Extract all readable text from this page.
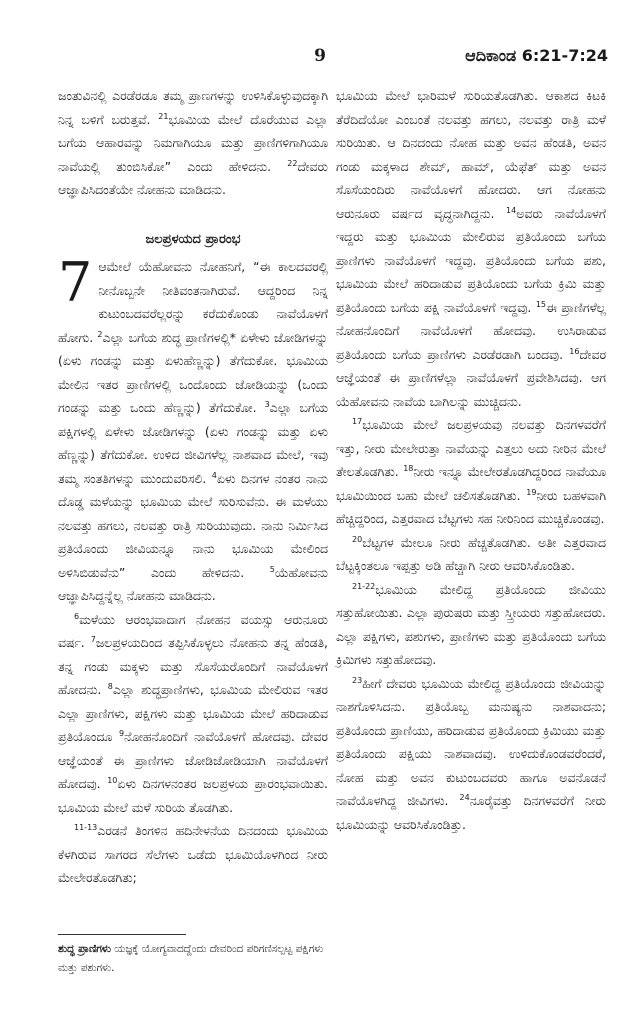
9	ಆದಿಕಾಂಡ 6:21-7:24

ಜಂತುವಿನಲ್ಲಿ ಎರಡೆರಡೂ ತಮ್ಮ ಪ್ರಾಣಗಳನ್ನು ಉಳಿಸಿಕೊಳ್ಳುವುದಕ್ಕಾಗಿ ನಿನ್ನ ಬಳಿಗೆ ಬರುತ್ತವೆ. $^{21}$ಭೂಮಿಯ ಮೇಲೆ ದೊರೆಯುವ ಎಲ್ಲಾ ಬಗೆಯ ಆಹಾರವನ್ನು ನಿಮಗಾಗಿಯೂ ಮತ್ತು ಪ್ರಾಣಿಗಳಿಗಾಗಿಯೂ ನಾವೆಯಲ್ಲಿ ತುಂಬಿಸಿಕೋ” ಎಂದು ಹೇಳಿದನು. $^{22}$ದೇವರು ಆಜ್ಞಾಪಿಸಿದಂತೆಯೇ ನೋಹನು ಮಾಡಿದನು.

ಜಲಪ್ರಳಯದ ಪ್ರಾರಂಭ

7 ಆಮೇಲೆ ಯೆಹೋವನು ನೋಹನಿಗೆ, “ಈ ಕಾಲದವರಲ್ಲಿ ನೀನೊಬ್ಬನೇ ನೀತಿವಂತನಾಗಿರುವೆ. ಆದ್ದರಿಂದ ನಿನ್ನ ಕುಟುಂಬದವರೆಲ್ಲರನ್ನು ಕರೆದುಕೊಂಡು ನಾವೆಯೊಳಗೆ ಹೋಗು. $^2$ಎಲ್ಲಾ ಬಗೆಯ ಶುದ್ಧ ಪ್ರಾಣಿಗಳಲ್ಲಿ* ಏಳೇಳು ಜೋಡಿಗಳನ್ನು (ಏಳು ಗಂಡನ್ನು ಮತ್ತು ಏಳುಹೆಣ್ಣನ್ನು) ತೆಗೆದುಕೋ. ಭೂಮಿಯ ಮೇಲಿನ ಇತರ ಪ್ರಾಣಿಗಳಲ್ಲಿ ಒಂದೊಂದು ಜೋಡಿಯನ್ನು (ಒಂದು ಗಂಡನ್ನು ಮತ್ತು ಒಂದು ಹೆಣ್ಣನ್ನು) ತೆಗೆದುಕೋ. $^3$ಎಲ್ಲಾ ಬಗೆಯ ಪಕ್ಷಿಗಳಲ್ಲಿ ಏಳೇಳು ಜೋಡಿಗಳನ್ನು (ಏಳು ಗಂಡನ್ನು ಮತ್ತು ಏಳು ಹೆಣ್ಣನ್ನು) ತೆಗೆದುಕೋ. ಉಳಿದ ಜೀವಿಗಳೆಲ್ಲ ನಾಶವಾದ ಮೇಲೆ, ಇವು ತಮ್ಮ ಸಂತತಿಗಳನ್ನು ಮುಂದುವರಿಸಲಿ. $^4$ಏಳು ದಿನಗಳ ನಂತರ ನಾನು ದೊಡ್ಡ ಮಳೆಯನ್ನು ಭೂಮಿಯ ಮೇಲೆ ಸುರಿಸುವೆನು. ಈ ಮಳೆಯು ನಲವತ್ತು ಹಗಲು, ನಲವತ್ತು ರಾತ್ರಿ ಸುರಿಯುವುದು. ನಾನು ನಿರ್ಮಿಸಿದ ಪ್ರತಿಯೊಂದು ಜೀವಿಯನ್ನೂ ನಾನು ಭೂಮಿಯ ಮೇಲಿಂದ ಅಳಿಸಿಬಿಡುವೆನು” ಎಂದು ಹೇಳಿದನು.	$^5$ಯೆಹೋವನು ಆಜ್ಞಾಪಿಸಿದ್ದನ್ನೆಲ್ಲ ನೋಹನು ಮಾಡಿದನು.

$^6$ಮಳೆಯು ಆರಂಭವಾದಾಗ ನೋಹನ ವಯಸ್ಸು ಆರುನೂರು ವರ್ಷ. $^7$ಜಲಪ್ರಳಯದಿಂದ ತಪ್ಪಿಸಿಕೊಳ್ಳಲು ನೋಹನು ತನ್ನ ಹೆಂಡತಿ, ತನ್ನ ಗಂಡು ಮಕ್ಕಳು ಮತ್ತು ಸೊಸೆಯರೊಂದಿಗೆ ನಾವೆಯೊಳಗೆ ಹೋದನು. $^8$ಎಲ್ಲಾ ಶುದ್ಧಪ್ರಾಣಿಗಳು, ಭೂಮಿಯ ಮೇಲಿರುವ ಇತರ ಎಲ್ಲಾ ಪ್ರಾಣಿಗಳು, ಪಕ್ಷಿಗಳು ಮತ್ತು ಭೂಮಿಯ ಮೇಲೆ ಹರಿದಾಡುವ ಪ್ರತಿಯೊಂದೂ $^9$ನೋಹನೊಂದಿಗೆ ನಾವೆಯೊಳಗೆ ಹೋದವು. ದೇವರ ಆಜ್ಞೆಯಂತೆ ಈ ಪ್ರಾಣಿಗಳು ಜೋಡಿಜೋಡಿಯಾಗಿ ನಾವೆಯೊಳಗೆ ಹೋದವು. $^{10}$ಏಳು ದಿನಗಳನಂತರ ಜಲಪ್ರಳಯ ಪ್ರಾರಂಭವಾಯಿತು. ಭೂಮಿಯ ಮೇಲೆ ಮಳೆ ಸುರಿಯ ತೊಡಗಿತು.

$^{11-13}$ಎರಡನೆ ತಿಂಗಳಿನ ಹದಿನೇಳನೆಯ ದಿನದಂದು ಭೂಮಿಯ ಕೆಳಗಿರುವ ಸಾಗರದ ಸೆಲೆಗಳು ಒಡೆದು ಭೂಮಿಯೊಳಗಿಂದ ನೀರು ಮೇಲೇರತೊಡಗಿತು;

ಭೂಮಿಯ ಮೇಲೆ ಭಾರಿಮಳೆ ಸುರಿಯತೊಡಗಿತು. ಆಕಾಶದ ಕಿಟಕಿ ತೆರೆದಿದೆಯೋ ಎಂಬಂತೆ ನಲವತ್ತು ಹಗಲು, ನಲವತ್ತು ರಾತ್ರಿ ಮಳೆ ಸುರಿಯಿತು. ಆ ದಿನದಂದು ನೋಹ ಮತ್ತು ಅವನ ಹೆಂಡತಿ, ಅವನ ಗಂಡು ಮಕ್ಕಳಾದ ಶೇಮ್, ಹಾಮ್, ಯೆಫೆತ್ ಮತ್ತು ಅವನ ಸೊಸೆಯಂದಿರು ನಾವೆಯೊಳಗೆ ಹೋದರು. ಆಗ ನೋಹನು ಆರುನೂರು ವರ್ಷದ ವೃದ್ಧನಾಗಿದ್ದನು. $^{14}$ಅವರು ನಾವೆಯೊಳಗೆ ಇದ್ದರು ಮತ್ತು ಭೂಮಿಯ ಮೇಲಿರುವ ಪ್ರತಿಯೊಂದು ಬಗೆಯ ಪ್ರಾಣಿಗಳು ನಾವೆಯೊಳಗೆ ಇದ್ದವು. ಪ್ರತಿಯೊಂದು ಬಗೆಯ ಪಶು, ಭೂಮಿಯ ಮೇಲೆ ಹರಿದಾಡುವ ಪ್ರತಿಯೊಂದು ಬಗೆಯ ಕ್ರಿಮಿ ಮತ್ತು ಪ್ರತಿಯೊಂದು ಬಗೆಯ ಪಕ್ಷಿ ನಾವೆಯೊಳಗೆ ಇದ್ದವು. $^{15}$ಈ ಪ್ರಾಣಿಗಳೆಲ್ಲ ನೋಹನೊಂದಿಗೆ ನಾವೆಯೊಳಗೆ ಹೋದವು. ಉಸಿರಾಡುವ ಪ್ರತಿಯೊಂದು ಬಗೆಯ ಪ್ರಾಣಿಗಳು ಎರಡೆರಡಾಗಿ ಬಂದವು. $^{16}$ದೇವರ ಆಜ್ಞೆಯಂತೆ ಈ ಪ್ರಾಣಿಗಳೆಲ್ಲಾ ನಾವೆಯೊಳಗೆ ಪ್ರವೇಶಿಸಿದವು. ಆಗ ಯೆಹೋವನು ನಾವೆಯ ಬಾಗಿಲನ್ನು ಮುಚ್ಚಿದನು.

$^{17}$ಭೂಮಿಯ ಮೇಲೆ ಜಲಪ್ರಳಯವು ನಲವತ್ತು ದಿನಗಳವರೆಗೆ ಇತ್ತು, ನೀರು ಮೇಲೇರುತ್ತಾ ನಾವೆಯನ್ನು ಎತ್ತಲು ಅದು ನೀರಿನ ಮೇಲೆ ತೇಲತೊಡಗಿತು. $^{18}$ನೀರು ಇನ್ನೂ ಮೇಲೇರತೊಡಗಿದ್ದರಿಂದ ನಾವೆಯೂ ಭೂಮಿಯಿಂದ ಬಹು ಮೇಲೆ ಚಲಿಸತೊಡಗಿತು. $^{19}$ನೀರು ಬಹಳವಾಗಿ ಹೆಚ್ಚಿದ್ದರಿಂದ, ಎತ್ತರವಾದ ಬೆಟ್ಟಗಳು ಸಹ ನೀರಿನಿಂದ ಮುಚ್ಚಿಕೊಂಡವು.

$^{20}$ಬೆಟ್ಟಗಳ ಮೇಲೂ ನೀರು ಹೆಚ್ಚತೊಡಗಿತು. ಅತೀ ಎತ್ತರವಾದ ಬೆಟ್ಟಕ್ಕಿಂತಲೂ ಇಪ್ಪತ್ತು ಅಡಿ ಹೆಚ್ಚಾಗಿ ನೀರು ಆವರಿಸಿಕೊಂಡಿತು.

$^{21-22}$ಭೂಮಿಯ ಮೇಲಿದ್ದ ಪ್ರತಿಯೊಂದು ಜೀವಿಯು ಸತ್ತುಹೋಯಿತು. ಎಲ್ಲಾ ಪುರುಷರು ಮತ್ತು ಸ್ತ್ರೀಯರು ಸತ್ತುಹೋದರು. ಎಲ್ಲಾ ಪಕ್ಷಿಗಳು, ಪಶುಗಳು, ಪ್ರಾಣಿಗಳು ಮತ್ತು ಪ್ರತಿಯೊಂದು ಬಗೆಯ ಕ್ರಿಮಿಗಳು ಸತ್ತುಹೋದವು.

$^{23}$ಹೀಗೆ ದೇವರು ಭೂಮಿಯ ಮೇಲಿದ್ದ ಪ್ರತಿಯೊಂದು ಜೀವಿಯನ್ನು ನಾಶಗೊಳಿಸಿದನು. ಪ್ರತಿಯೊಬ್ಬ ಮನುಷ್ಯನು ನಾಶವಾದನು; ಪ್ರತಿಯೊಂದು ಪ್ರಾಣಿಯು, ಹರಿದಾಡುವ ಪ್ರತಿಯೊಂದು ಕ್ರಿಮಿಯು ಮತ್ತು ಪ್ರತಿಯೊಂದು ಪಕ್ಷಿಯು ನಾಶವಾದವು. ಉಳಿದುಕೊಂಡವರೆಂದರೆ, ನೋಹ ಮತ್ತು ಅವನ ಕುಟುಂಬದವರು ಹಾಗೂ ಅವನೊಡನೆ ನಾವೆಯೊಳಗಿದ್ದ ಜೀವಿಗಳು. $^{24}$ನೂರೈವತ್ತು ದಿನಗಳವರೆಗೆ ನೀರು ಭೂಮಿಯನ್ನು ಆವರಿಸಿಕೊಂಡಿತ್ತು.

ಶುದ್ಧ ಪ್ರಾಣಿಗಳು ಯಜ್ಞಕ್ಕೆ ಯೋಗ್ಯವಾದದ್ದೆಂದು ದೇವರಿಂದ ಪರಿಗಣಿಸಲ್ಪಟ್ಟ ಪಕ್ಷಿಗಳು ಮತ್ತು ಪಶುಗಳು.
